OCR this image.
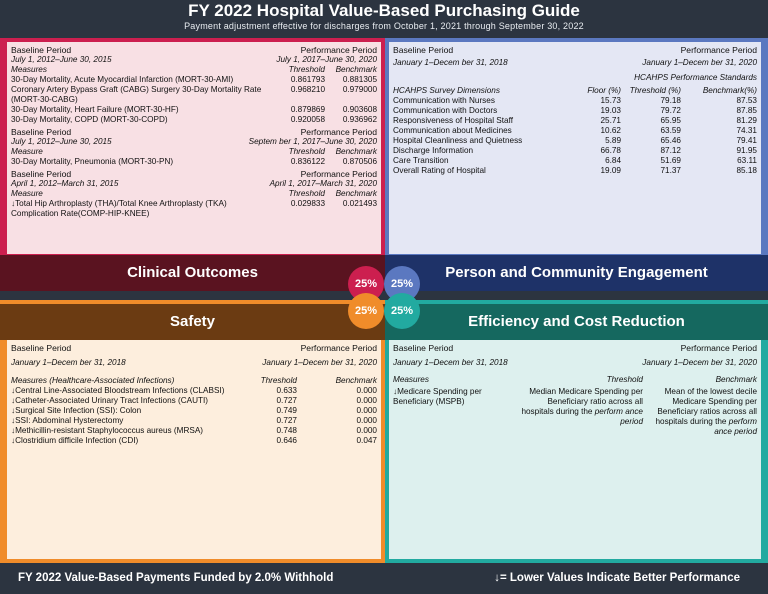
FY 2022 Hospital Value-Based Purchasing Guide
Payment adjustment effective for discharges from October 1, 2021 through September 30, 2022
Baseline Period	Performance Period
July 1, 2012–June 30, 2015	July 1, 2017–June 30, 2020
Measures	Threshold	Benchmark
30-Day Mortality, Acute Myocardial Infarction (MORT-30-AMI)	0.861793	0.881305
Coronary Artery Bypass Graft (CABG) Surgery 30-Day Mortality Rate (MORT-30-CABG)
0.968210	0.979000
30-Day Mortality, Heart Failure (MORT-30-HF)	0.879869	0.903608
30-Day Mortality, COPD (MORT-30-COPD)	0.920058	0.936962
Baseline Period	Performance Period
July 1, 2012–June 30, 2015	Septem ber 1, 2017–June 30, 2020
Measure	Threshold	Benchmark
30-Day Mortality, Pneumonia (MORT-30-PN)	0.836122	0.870506
Baseline Period	Performance Period
April 1, 2012–March 31, 2015	April 1, 2017–March 31, 2020
Measure	Threshold	Benchmark
↓Total Hip Arthroplasty (THA)/Total Knee Arthroplasty (TKA) Complication Rate(COMP-HIP-KNEE)
0.029833	0.021493
Clinical Outcomes
Baseline Period	Performance Period
January 1–Decem ber 31, 2018	January 1–Decem ber 31, 2020
HCAHPS Performance Standards
HCAHPS Survey Dimensions	Floor (%)	Threshold (%)	Benchmark(%)
Communication with Nurses	15.73	79.18	87.53
Communication with Doctors	19.03	79.72	87.85
Responsiveness of Hospital Staff	25.71	65.95	81.29
Communication about Medicines	10.62	63.59	74.31
Hospital Cleanliness and Quietness	5.89	65.46	79.41
Discharge Information	66.78	87.12	91.95
Care Transition	6.84	51.69	63.11
Overall Rating of Hospital	19.09	71.37	85.18
Person and Community Engagement
Safety
Baseline Period	Performance Period
January 1–Decem ber 31, 2018	January 1–Decem ber 31, 2020
Measures (Healthcare-Associated Infections)	Threshold	Benchmark
↓Central Line-Associated Bloodstream Infections (CLABSI)	0.633	0.000
↓Catheter-Associated Urinary Tract Infections (CAUTI)	0.727	0.000
↓Surgical Site Infection (SSI): Colon	0.749	0.000
↓SSI: Abdominal Hysterectomy	0.727	0.000
↓Methicillin-resistant Staphylococcus aureus (MRSA)	0.748	0.000
↓Clostridium difficile Infection (CDI)	0.646	0.047
Efficiency and Cost Reduction
Baseline Period	Performance Period
January 1–Decem ber 31, 2018	January 1–Decem ber 31, 2020
Measures	Threshold	Benchmark
↓Medicare Spending per Beneficiary (MSPB)
Median Medicare Spending per Beneficiary ratio across all hospitals during the perform ance period
Mean of the lowest decile Medicare Spending per Beneficiary ratios across all hospitals during the perform ance period
25%	25%
25%	25%
FY 2022 Value-Based Payments Funded by 2.0% Withhold	↓= Lower Values Indicate Better Performance
